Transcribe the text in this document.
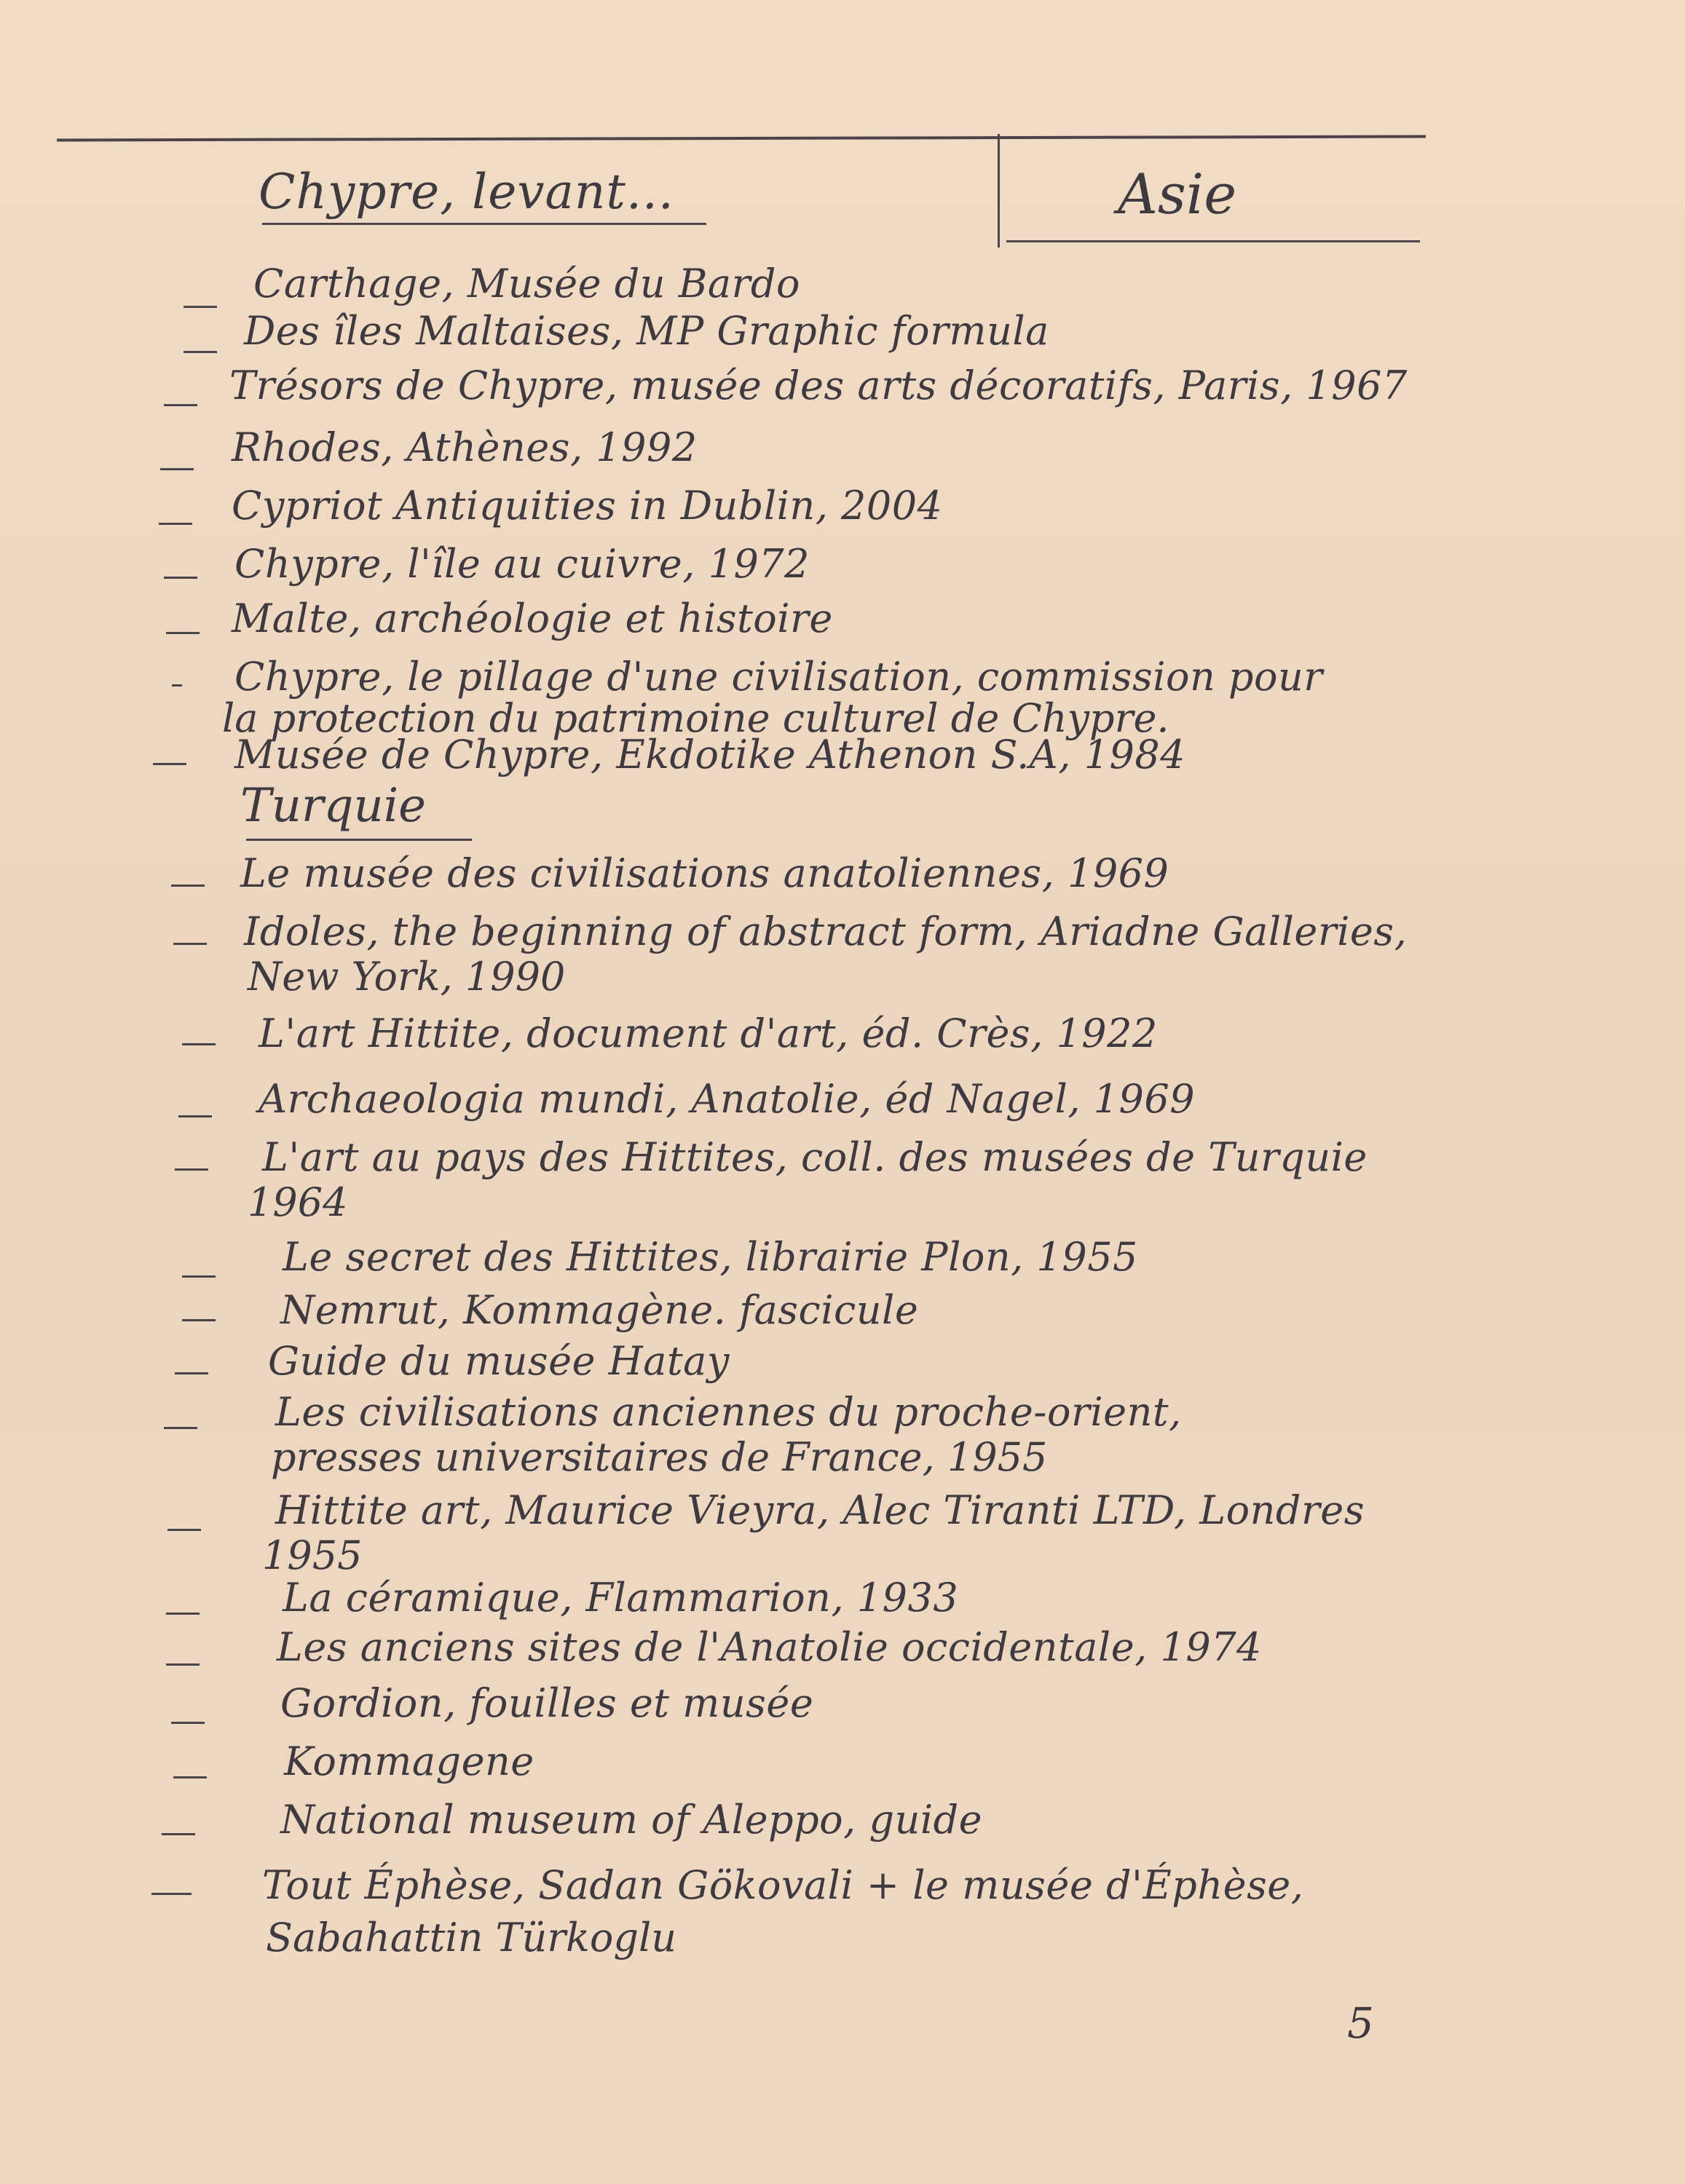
Chypre, levant...	Asie
Carthage, Musée du Bardo
Des îles Maltaises, MP Graphic formula
Trésors de Chypre, musée des arts décoratifs, Paris, 1967
Rhodes, Athènes, 1992
Cypriot Antiquities in Dublin, 2004
Chypre, l'île au cuivre, 1972
Malte, archéologie et histoire
Chypre, le pillage d'une civilisation, commission pour
la protection du patrimoine culturel de Chypre.
Musée de Chypre, Ekdotike Athenon S.A, 1984
Turquie
Le musée des civilisations anatoliennes, 1969
Idoles, the beginning of abstract form, Ariadne Galleries,
New York, 1990
L'art Hittite, document d'art, éd. Crès, 1922
Archaeologia mundi, Anatolie, éd Nagel, 1969
L'art au pays des Hittites, coll. des musées de Turquie
1964
Le secret des Hittites, librairie Plon, 1955
Nemrut, Kommagène. fascicule
Guide du musée Hatay
Les civilisations anciennes du proche-orient,
presses universitaires de France, 1955
Hittite art, Maurice Vieyra, Alec Tiranti LTD, Londres
1955
La céramique, Flammarion, 1933
Les anciens sites de l'Anatolie occidentale, 1974
Gordion, fouilles et musée
Kommagene
National museum of Aleppo, guide
Tout Éphèse, Sadan Gökovali + le musée d'Éphèse,
Sabahattin Türkoglu
5
